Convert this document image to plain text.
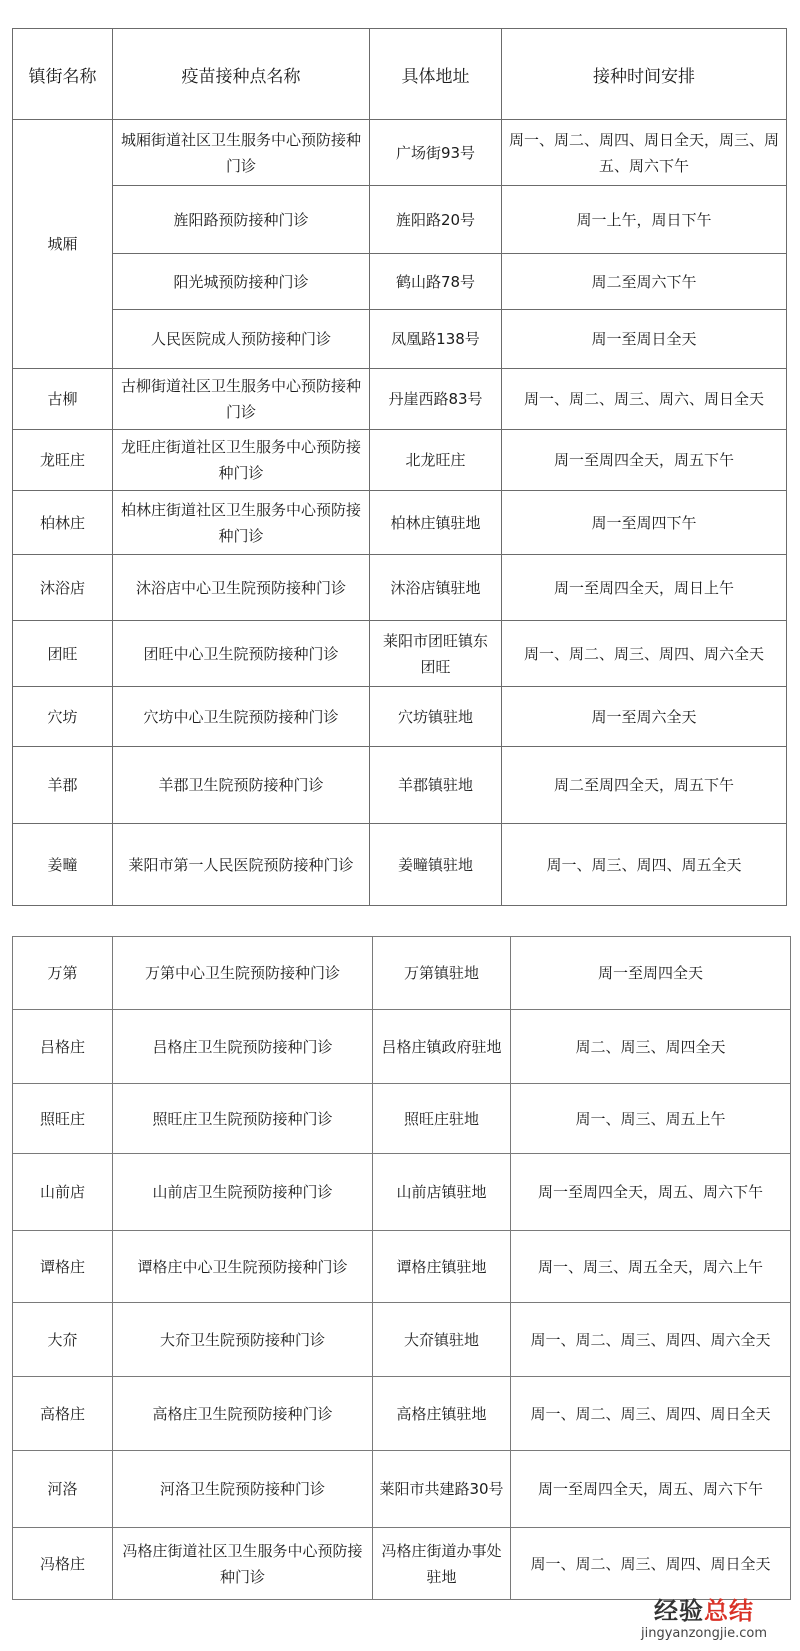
镇街名称	疫苗接种点名称	具体地址	接种时间安排
城厢	城厢街道社区卫生服务中心预防接种门诊	广场街93号	周一、周二、周四、周日全天，周三、周五、周六下午
	旌阳路预防接种门诊	旌阳路20号	周一上午，周日下午
	阳光城预防接种门诊	鹤山路78号	周二至周六下午
	人民医院成人预防接种门诊	凤凰路138号	周一至周日全天
古柳	古柳街道社区卫生服务中心预防接种门诊	丹崖西路83号	周一、周二、周三、周六、周日全天
龙旺庄	龙旺庄街道社区卫生服务中心预防接种门诊	北龙旺庄	周一至周四全天，周五下午
柏林庄	柏林庄街道社区卫生服务中心预防接种门诊	柏林庄镇驻地	周一至周四下午
沐浴店	沐浴店中心卫生院预防接种门诊	沐浴店镇驻地	周一至周四全天，周日上午
团旺	团旺中心卫生院预防接种门诊	莱阳市团旺镇东团旺	周一、周二、周三、周四、周六全天
穴坊	穴坊中心卫生院预防接种门诊	穴坊镇驻地	周一至周六全天
羊郡	羊郡卫生院预防接种门诊	羊郡镇驻地	周二至周四全天，周五下午
姜疃	莱阳市第一人民医院预防接种门诊	姜疃镇驻地	周一、周三、周四、周五全天
万第	万第中心卫生院预防接种门诊	万第镇驻地	周一至周四全天
吕格庄	吕格庄卫生院预防接种门诊	吕格庄镇政府驻地	周二、周三、周四全天
照旺庄	照旺庄卫生院预防接种门诊	照旺庄驻地	周一、周三、周五上午
山前店	山前店卫生院预防接种门诊	山前店镇驻地	周一至周四全天，周五、周六下午
谭格庄	谭格庄中心卫生院预防接种门诊	谭格庄镇驻地	周一、周三、周五全天，周六上午
大夼	大夼卫生院预防接种门诊	大夼镇驻地	周一、周二、周三、周四、周六全天
高格庄	高格庄卫生院预防接种门诊	高格庄镇驻地	周一、周二、周三、周四、周日全天
河洛	河洛卫生院预防接种门诊	莱阳市共建路30号	周一至周四全天，周五、周六下午
冯格庄	冯格庄街道社区卫生服务中心预防接种门诊	冯格庄街道办事处驻地	周一、周二、周三、周四、周日全天
经验总结
jingyanzongjie.com
